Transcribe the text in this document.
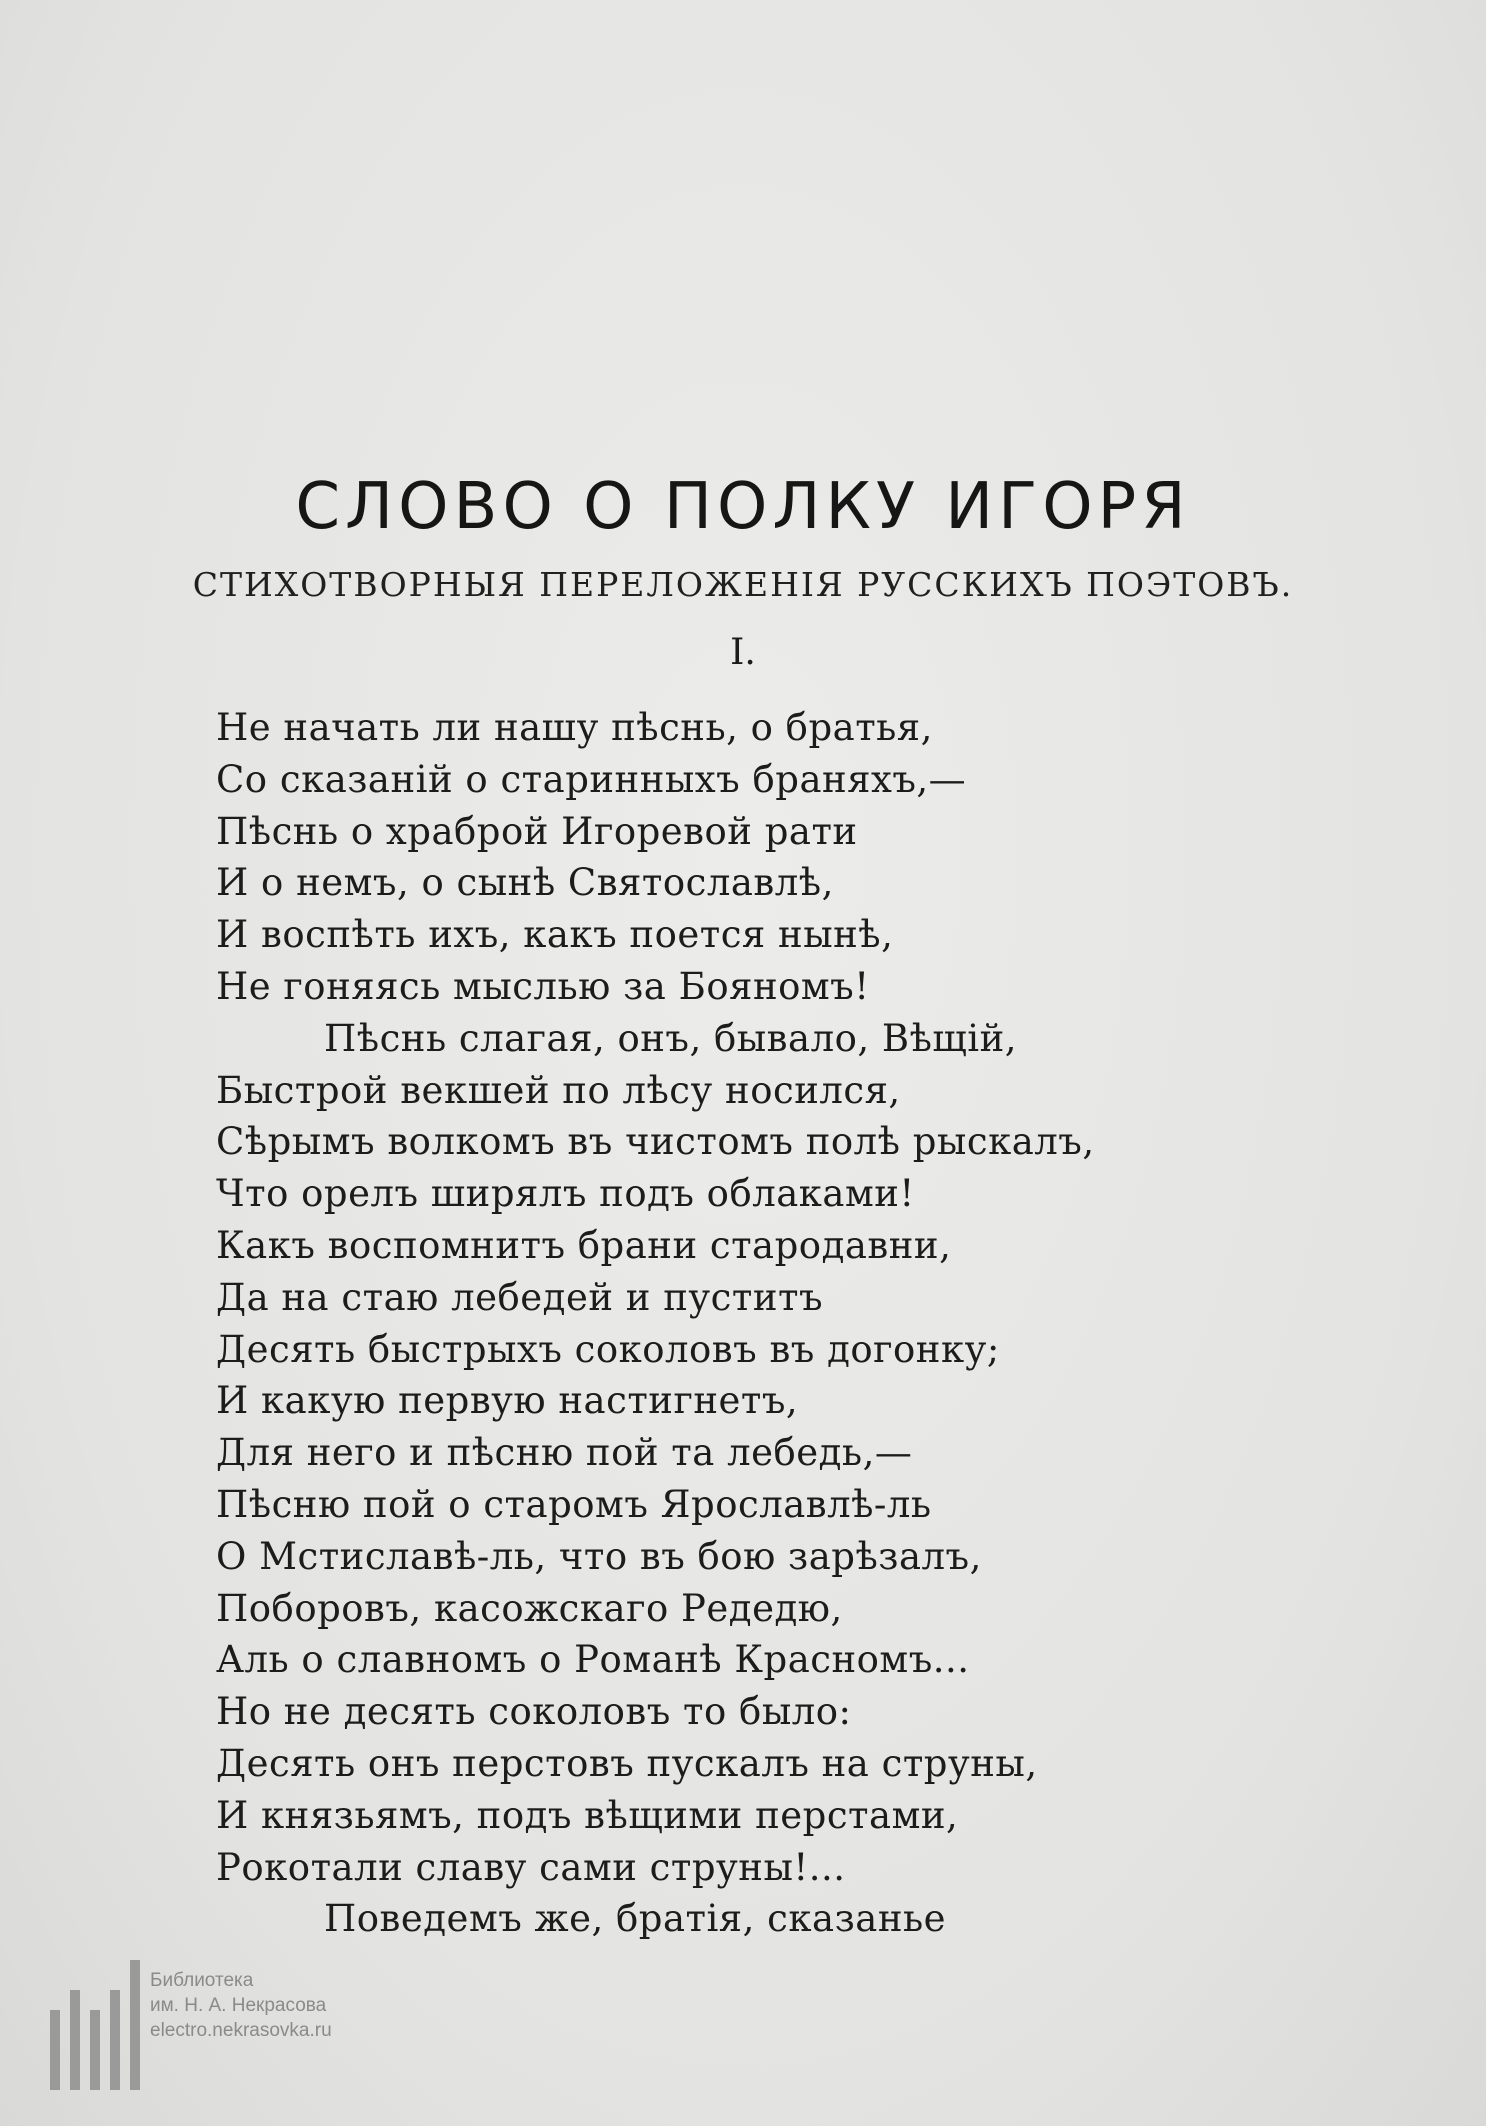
СЛОВО О ПОЛКУ ИГОРЯ
СТИХОТВОРНЫЯ ПЕРЕЛОЖЕНІЯ РУССКИХЪ ПОЭТОВЪ.
I.
Не начать ли нашу пѣснь, о братья,
Со сказаній о старинныхъ браняхъ,—
Пѣснь о храброй Игоревой рати
И о немъ, о сынѣ Святославлѣ,
И воспѣть ихъ, какъ поется нынѣ,
Не гоняясь мыслью за Бояномъ!
Пѣснь слагая, онъ, бывало, Вѣщій,
Быстрой векшей по лѣсу носился,
Сѣрымъ волкомъ въ чистомъ полѣ рыскалъ,
Что орелъ ширялъ подъ облаками!
Какъ воспомнитъ брани стародавни,
Да на стаю лебедей и пуститъ
Десять быстрыхъ соколовъ въ догонку;
И какую первую настигнетъ,
Для него и пѣсню пой та лебедь,—
Пѣсню пой о старомъ Ярославлѣ-ль
О Мстиславѣ-ль, что въ бою зарѣзалъ,
Поборовъ, касожскаго Редедю,
Аль о славномъ о Романѣ Красномъ...
Но не десять соколовъ то было:
Десять онъ перстовъ пускалъ на струны,
И князьямъ, подъ вѣщими перстами,
Рокотали славу сами струны!...
Поведемъ же, братія, сказанье
Библиотека
им. Н. А. Некрасова
electro.nekrasovka.ru
